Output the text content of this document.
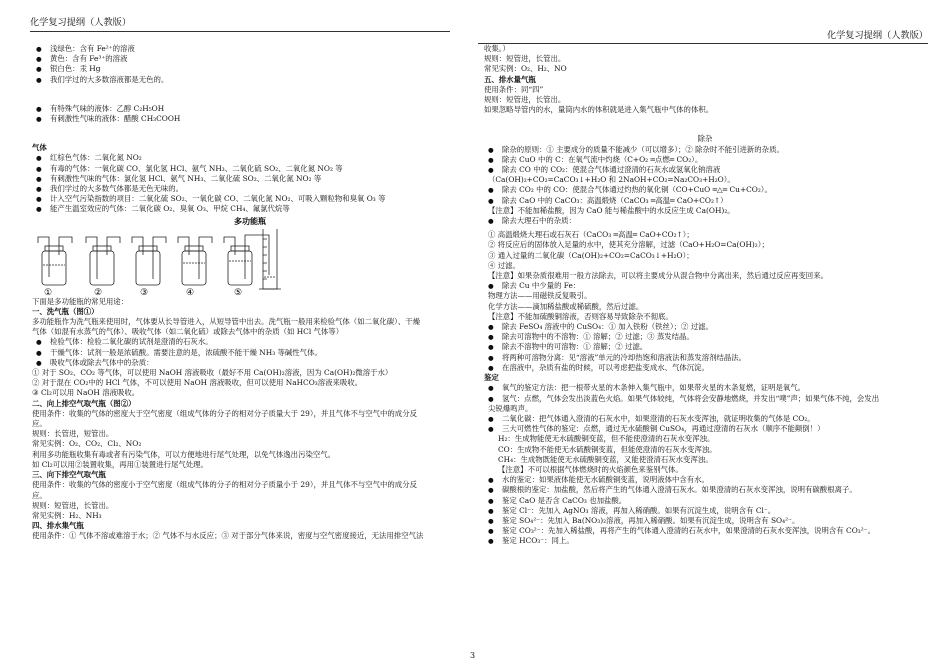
化学复习提纲（人教版）
化学复习提纲（人教版）
● 浅绿色：含有 Fe²⁺的溶液
● 黄色：含有 Fe³⁺的溶液
● 银白色：汞 Hg
● 我们学过的大多数溶液都是无色的。
● 有特殊气味的液体：乙醇 C₂H₅OH
● 有刺激性气味的液体：醋酸 CH₃COOH
气体
● 红棕色气体：二氧化氮 NO₂
● 有毒的气体：一氧化碳 CO、氯化氢 HCl、氨气 NH₃、二氧化硫 SO₂、二氧化氮 NO₂ 等
● 有刺激性气味的气体：氯化氢 HCl、氨气 NH₃、二氧化硫 SO₂、二氧化氮 NO₂ 等
● 我们学过的大多数气体都是无色无味的。
● 计入空气污染指数的项目：二氧化硫 SO₂、一氧化碳 CO、二氧化氮 NO₂、可吸入颗粒物和臭氧 O₃ 等
● 能产生温室效应的气体：二氧化碳 O₂、臭氧 O₃、甲烷 CH₄、氟氯代烷等
多功能瓶
①	②	③	④	⑤
下面是多功能瓶的常见用途：
一、洗气瓶（图①）
多功能瓶作为洗气瓶来使用时，气体要从长导管进入，从短导管中出去。洗气瓶一般用来检验气体（如二氧化碳）、干燥
气体（如混有水蒸气的气体）、吸收气体（如二氧化硫）或除去气体中的杂质（如 HCl 气体等）
● 检验气体：检验二氧化碳的试剂是澄清的石灰水。
● 干燥气体：试剂一般是浓硫酸。需要注意的是，浓硫酸不能干燥 NH₃ 等碱性气体。
● 吸收气体或除去气体中的杂质：
① 对于 SO₂、CO₂ 等气体，可以使用 NaOH 溶液吸收（最好不用 Ca(OH)₂溶液，因为 Ca(OH)₂微溶于水）
② 对于混在 CO₂中的 HCl 气体，不可以使用 NaOH 溶液吸收，但可以使用 NaHCO₃溶液来吸收。
③ Cl₂可以用 NaOH 溶液吸收。
二、向上排空气取气瓶（图②）
使用条件：收集的气体的密度大于空气密度（组成气体的分子的相对分子质量大于 29），并且气体不与空气中的成分反
应。
规则：长管进，短管出。
常见实例：O₂、CO₂、Cl₂、NO₂
利用多功能瓶收集有毒或者有污染气体，可以方便地进行尾气处理，以免气体逸出污染空气。
如 Cl₂可以用②装置收集，再用①装置进行尾气处理。
三、向下排空气取气瓶
使用条件：收集的气体的密度小于空气密度（组成气体的分子的相对分子质量小于 29），并且气体不与空气中的成分反
应。
规则：短管进，长管出。
常见实例：H₂、NH₃
四、排水集气瓶
使用条件：① 气体不溶或难溶于水；② 气体不与水反应；③ 对于部分气体来说，密度与空气密度接近，无法用排空气法
收集。）
规则：短管进，长管出。
常见实例：O₂、H₂、NO
五、排水量气瓶
使用条件：同“四”
规则：短管进，长管出。
如果忽略导管内的水，量筒内水的体积就是进入集气瓶中气体的体积。
除杂
● 除杂的原则：① 主要成分的质量不能减少（可以增多）；② 除杂时不能引进新的杂质。
● 除去 CuO 中的 C：在氧气流中灼烧（C+O₂ ═点燃═ CO₂）。
● 除去 CO 中的 CO₂：使混合气体通过澄清的石灰水或氢氧化钠溶液
（Ca(OH)₂+CO₂=CaCO₃↓+H₂O 和 2NaOH+CO₂=Na₂CO₃+H₂O）。
● 除去 CO₂ 中的 CO：使混合气体通过灼热的氧化铜（CO+CuO ═△═ Cu+CO₂）。
● 除去 CaO 中的 CaCO₃：高温煅烧（CaCO₃ ═高温═ CaO+CO₂↑）
【注意】不能加稀盐酸，因为 CaO 能与稀盐酸中的水反应生成 Ca(OH)₂。
● 除去大理石中的杂质：
① 高温煅烧大理石或石灰石（CaCO₃ ═高温═ CaO+CO₂↑）；
② 将反应后的固体放入足量的水中，使其充分溶解，过滤（CaO+H₂O=Ca(OH)₂）；
③ 通入过量的二氧化碳（Ca(OH)₂+CO₂=CaCO₃↓+H₂O）；
④ 过滤。
【注意】如果杂质很难用一般方法除去，可以将主要成分从混合物中分离出来，然后通过反应再变回来。
● 除去 Cu 中少量的 Fe：
物理方法——用磁铁反复吸引。
化学方法——滴加稀盐酸或稀硫酸，然后过滤。
【注意】不能加硫酸铜溶液，否则容易导致除杂不彻底。
● 除去 FeSO₄ 溶液中的 CuSO₄：① 加入铁粉（铁丝）；② 过滤。
● 除去可溶物中的不溶物：① 溶解；② 过滤；③ 蒸发结晶。
● 除去不溶物中的可溶物：① 溶解；② 过滤。
● 将两种可溶物分离：见“溶液”单元的冷却热饱和溶液法和蒸发溶剂结晶法。
● 在溶液中，杂质有盐的时候，可以考虑把盐变成水、气体沉淀。
鉴定
● 氧气的鉴定方法：把一根带火星的木条伸入集气瓶中，如果带火星的木条复燃，证明是氧气。
● 氢气：点燃，气体会发出淡蓝色火焰。如果气体较纯，气体将会安静地燃烧，并发出“噗”声；如果气体不纯，会发出
尖锐爆鸣声。
● 二氧化碳：把气体通入澄清的石灰水中，如果澄清的石灰水变浑浊，就证明收集的气体是 CO₂。
● 三大可燃性气体的鉴定：点燃，通过无水硫酸铜 CuSO₄，再通过澄清的石灰水（顺序不能颠倒！）
H₂：生成物能使无水硫酸铜变蓝，但不能使澄清的石灰水变浑浊。
CO：生成物不能使无水硫酸铜变蓝，但能使澄清的石灰水变浑浊。
CH₄：生成物既能使无水硫酸铜变蓝，又能使澄清石灰水变浑浊。
【注意】不可以根据气体燃烧时的火焰颜色来鉴别气体。
● 水的鉴定：如果液体能使无水硫酸铜变蓝，说明液体中含有水。
● 碳酸根的鉴定：加盐酸，然后将产生的气体通入澄清石灰水。如果澄清的石灰水变浑浊，说明有碳酸根离子。
● 鉴定 CaO 是否含 CaCO₃ 也加盐酸。
● 鉴定 Cl⁻：先加入 AgNO₃ 溶液，再加入稀硝酸。如果有沉淀生成，说明含有 Cl⁻。
● 鉴定 SO₄²⁻：先加入 Ba(NO₃)₂溶液，再加入稀硝酸。如果有沉淀生成，说明含有 SO₄²⁻。
● 鉴定 CO₃²⁻：先加入稀盐酸，再将产生的气体通入澄清的石灰水中，如果澄清的石灰水变浑浊，说明含有 CO₃²⁻。
● 鉴定 HCO₃⁻：同上。
3
